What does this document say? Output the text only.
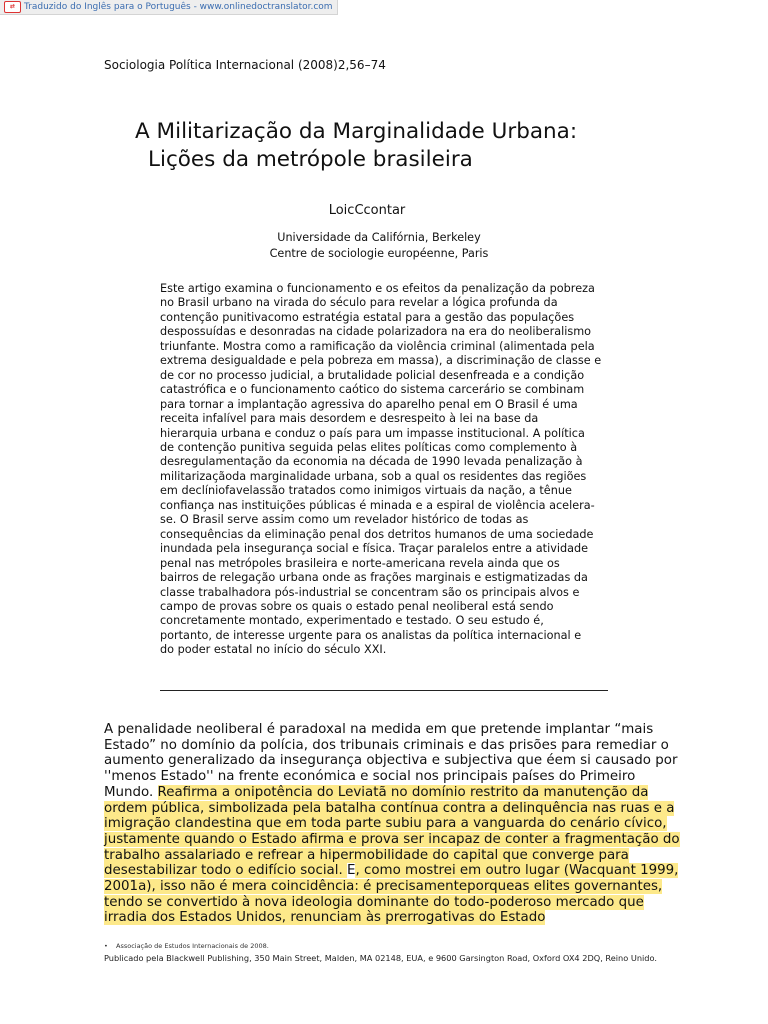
⇄ Traduzido do Inglês para o Português - www.onlinedoctranslator.com
Sociologia Política Internacional (2008)2,56–74
A Militarização da Marginalidade Urbana:
Lições da metrópole brasileira
LoicCcontar
Universidade da Califórnia, Berkeley
Centre de sociologie européenne, Paris
Este artigo examina o funcionamento e os efeitos da penalização da pobreza
no Brasil urbano na virada do século para revelar a lógica profunda da
contenção punitivacomo estratégia estatal para a gestão das populações
despossuídas e desonradas na cidade polarizadora na era do neoliberalismo
triunfante. Mostra como a ramificação da violência criminal (alimentada pela
extrema desigualdade e pela pobreza em massa), a discriminação de classe e
de cor no processo judicial, a brutalidade policial desenfreada e a condição
catastrófica e o funcionamento caótico do sistema carcerário se combinam
para tornar a implantação agressiva do aparelho penal em O Brasil é uma
receita infalível para mais desordem e desrespeito à lei na base da
hierarquia urbana e conduz o país para um impasse institucional. A política
de contenção punitiva seguida pelas elites políticas como complemento à
desregulamentação da economia na década de 1990 levada penalização à
militarizaçãoda marginalidade urbana, sob a qual os residentes das regiões
em declíniofavelassão tratados como inimigos virtuais da nação, a tênue
confiança nas instituições públicas é minada e a espiral de violência acelera-
se. O Brasil serve assim como um revelador histórico de todas as
consequências da eliminação penal dos detritos humanos de uma sociedade
inundada pela insegurança social e física. Traçar paralelos entre a atividade
penal nas metrópoles brasileira e norte-americana revela ainda que os
bairros de relegação urbana onde as frações marginais e estigmatizadas da
classe trabalhadora pós-industrial se concentram são os principais alvos e
campo de provas sobre os quais o estado penal neoliberal está sendo
concretamente montado, experimentado e testado. O seu estudo é,
portanto, de interesse urgente para os analistas da política internacional e
do poder estatal no início do século XXI.
A penalidade neoliberal é paradoxal na medida em que pretende implantar “mais
Estado” no domínio da polícia, dos tribunais criminais e das prisões para remediar o
aumento generalizado da insegurança objectiva e subjectiva que éem si causado por
''menos Estado'' na frente económica e social nos principais países do Primeiro
Mundo. Reafirma a onipotência do Leviatã no domínio restrito da manutenção da
ordem pública, simbolizada pela batalha contínua contra a delinquência nas ruas e a
imigração clandestina que em toda parte subiu para a vanguarda do cenário cívico,
justamente quando o Estado afirma e prova ser incapaz de conter a fragmentação do
trabalho assalariado e refrear a hipermobilidade do capital que converge para
desestabilizar todo o edifício social. E, como mostrei em outro lugar (Wacquant 1999,
2001a), isso não é mera coincidência: é precisamenteporqueas elites governantes,
tendo se convertido à nova ideologia dominante do todo-poderoso mercado que
irradia dos Estados Unidos, renunciam às prerrogativas do Estado
• Associação de Estudos Internacionais de 2008.
Publicado pela Blackwell Publishing, 350 Main Street, Malden, MA 02148, EUA, e 9600 Garsington Road, Oxford OX4 2DQ, Reino Unido.
